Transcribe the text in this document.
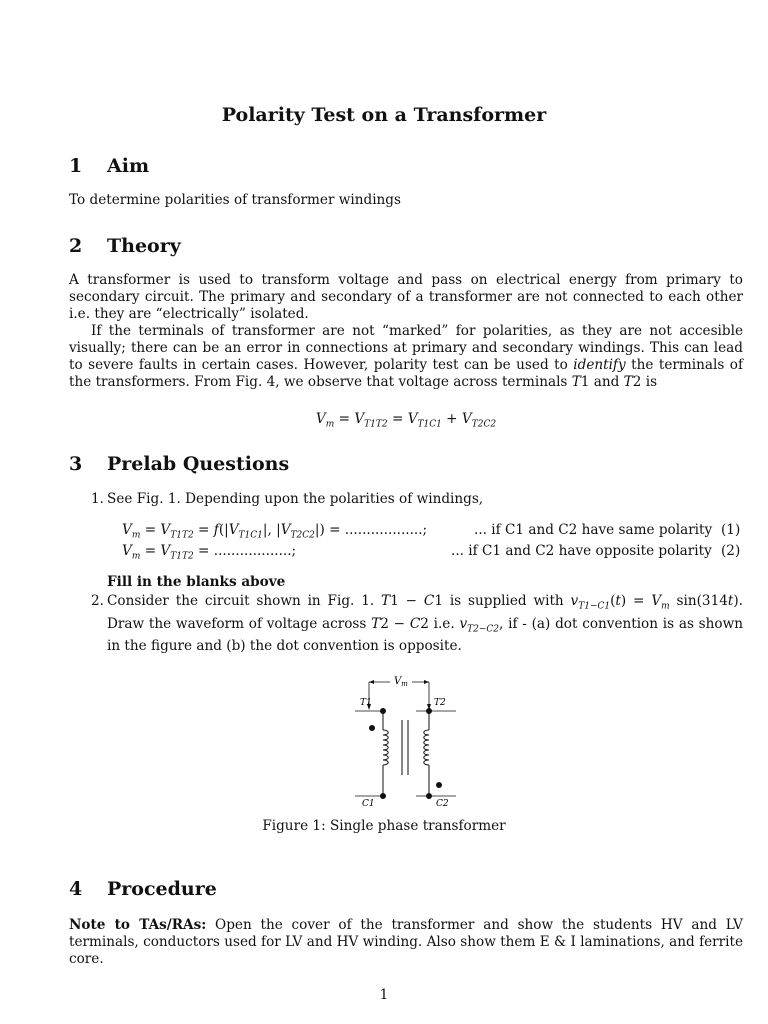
Polarity Test on a Transformer
1 Aim
To determine polarities of transformer windings
2 Theory

A transformer is used to transform voltage and pass on electrical energy from primary to secondary circuit. The primary and secondary of a transformer are not connected to each other i.e. they are “electrically” isolated.

If the terminals of transformer are not “marked” for polarities, as they are not accesible visually; there can be an error in connections at primary and secondary windings. This can lead to severe faults in certain cases. However, polarity test can be used to identify the terminals of the transformers. From Fig. 4, we observe that voltage across terminals T1 and T2 is

$V_m = V_{T1T2} = V_{T1C1} + V_{T2C2}$
3 Prelab Questions
1. See Fig. 1. Depending upon the polarities of windings,
$V_m = V_{T1T2} = f(|V_{T1C1}|$, $|V_{T2C2}|$) = ..................;	... if C1 and C2 have same polarity (1)
$V_m = V_{T1T2}$ = ..................;	... if C1 and C2 have opposite polarity (2)
Fill in the blanks above
2. Consider the circuit shown in Fig. 1. T1 − C1 is supplied with $v_{T1-C1}(t) = V_m$ sin(314t). Draw the waveform of voltage across T2 − C2 i.e. $v_{T2-C2}$, if - (a) dot convention is as shown in the figure and (b) the dot convention is opposite.
$V_m$
T1	T2
C1	C2
Figure 1: Single phase transformer
4 Procedure
Note to TAs/RAs: Open the cover of the transformer and show the students HV and LV terminals, conductors used for LV and HV winding. Also show them E & I laminations, and ferrite core.
1
